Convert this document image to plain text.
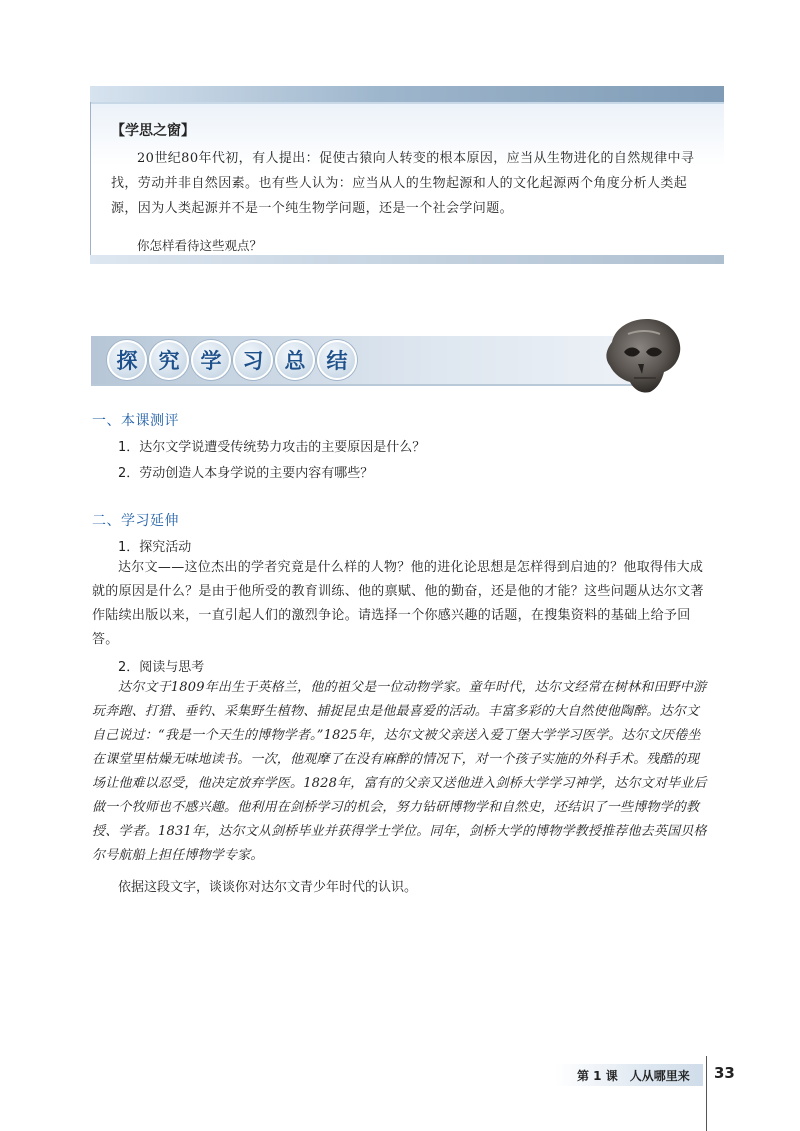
【学思之窗】
20世纪80年代初，有人提出：促使古猿向人转变的根本原因，应当从生物进化的自然规律中寻找，劳动并非自然因素。也有些人认为：应当从人的生物起源和人的文化起源两个角度分析人类起源，因为人类起源并不是一个纯生物学问题，还是一个社会学问题。
你怎样看待这些观点？
探	究	学	习	总	结
一、本课测评
1．达尔文学说遭受传统势力攻击的主要原因是什么？
2．劳动创造人本身学说的主要内容有哪些？
二、学习延伸
1．探究活动
达尔文——这位杰出的学者究竟是什么样的人物？他的进化论思想是怎样得到启迪的？他取得伟大成就的原因是什么？是由于他所受的教育训练、他的禀赋、他的勤奋，还是他的才能？这些问题从达尔文著作陆续出版以来，一直引起人们的激烈争论。请选择一个你感兴趣的话题，在搜集资料的基础上给予回答。
2．阅读与思考
达尔文于1809年出生于英格兰，他的祖父是一位动物学家。童年时代，达尔文经常在树林和田野中游玩奔跑、打猎、垂钓、采集野生植物、捕捉昆虫是他最喜爱的活动。丰富多彩的大自然使他陶醉。达尔文自己说过：“我是一个天生的博物学者。”1825年，达尔文被父亲送入爱丁堡大学学习医学。达尔文厌倦坐在课堂里枯燥无味地读书。一次，他观摩了在没有麻醉的情况下，对一个孩子实施的外科手术。残酷的现场让他难以忍受，他决定放弃学医。1828年，富有的父亲又送他进入剑桥大学学习神学，达尔文对毕业后做一个牧师也不感兴趣。他利用在剑桥学习的机会，努力钻研博物学和自然史，还结识了一些博物学的教授、学者。1831年，达尔文从剑桥毕业并获得学士学位。同年，剑桥大学的博物学教授推荐他去英国贝格尔号航船上担任博物学专家。
依据这段文字，谈谈你对达尔文青少年时代的认识。
第 1 课　人从哪里来 33
